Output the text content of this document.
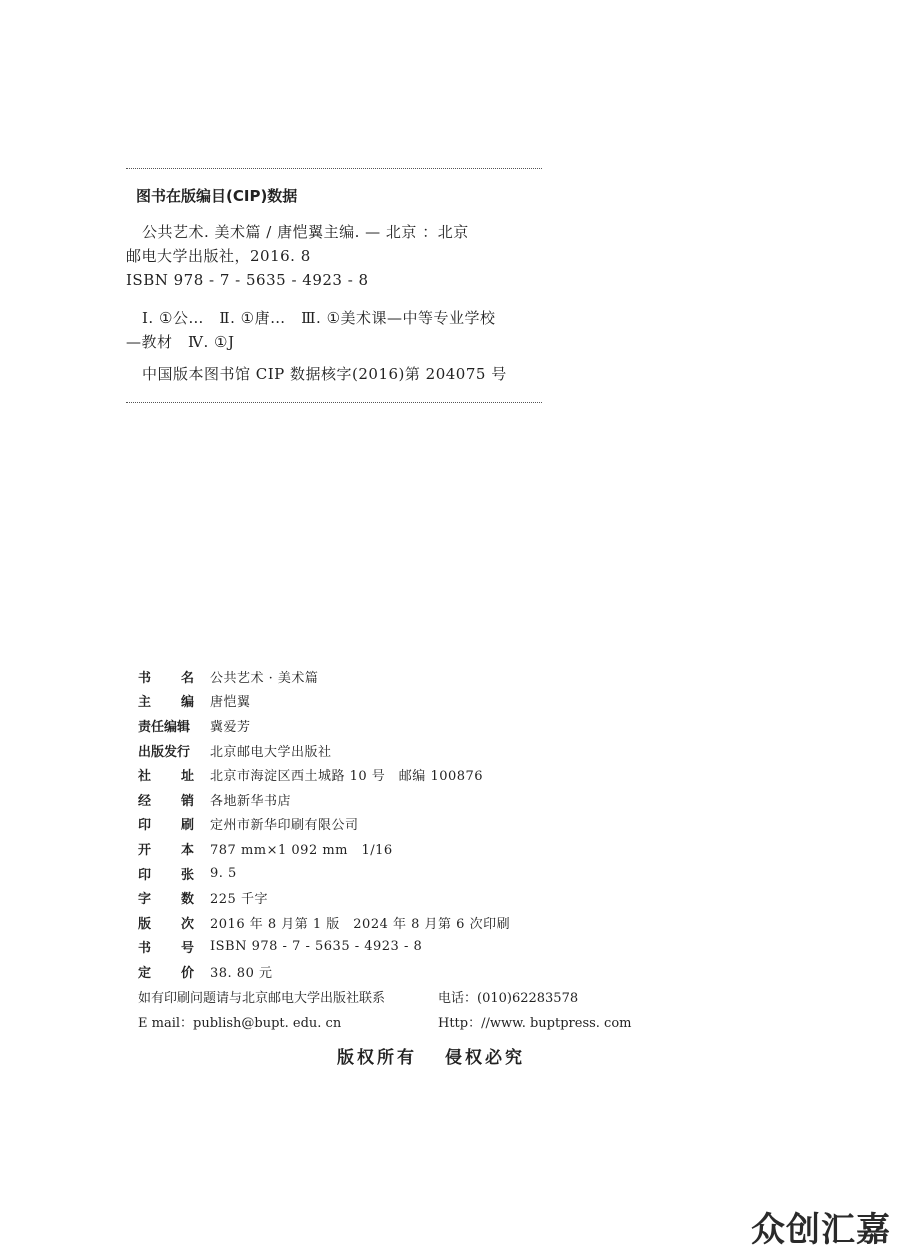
图书在版编目(CIP)数据

公共艺术. 美术篇 / 唐恺翼主编. — 北京 ：北京
邮电大学出版社，2016. 8
ISBN 978 - 7 - 5635 - 4923 - 8

Ⅰ. ①公…　Ⅱ. ①唐…　Ⅲ. ①美术课—中等专业学校
—教材　Ⅳ. ①J

中国版本图书馆 CIP 数据核字(2016)第 204075 号

书 名 公共艺术 · 美术篇
主 编 唐恺翼
责任编辑	冀爱芳
出版发行	北京邮电大学出版社
社 址 北京市海淀区西土城路 10 号　邮编 100876
经 销 各地新华书店
印 刷 定州市新华印刷有限公司
开 本 787 mm×1 092 mm　1/16
印 张 9. 5
字 数 225 千字
版 次 2016 年 8 月第 1 版　2024 年 8 月第 6 次印刷
书 号 ISBN 978 - 7 - 5635 - 4923 - 8
定 价 38. 80 元
如有印刷问题请与北京邮电大学出版社联系	电话：(010)62283578
E mail：publish@bupt. edu. cn	Http：//www. buptpress. com
版权所有 侵权必究
众创汇嘉
